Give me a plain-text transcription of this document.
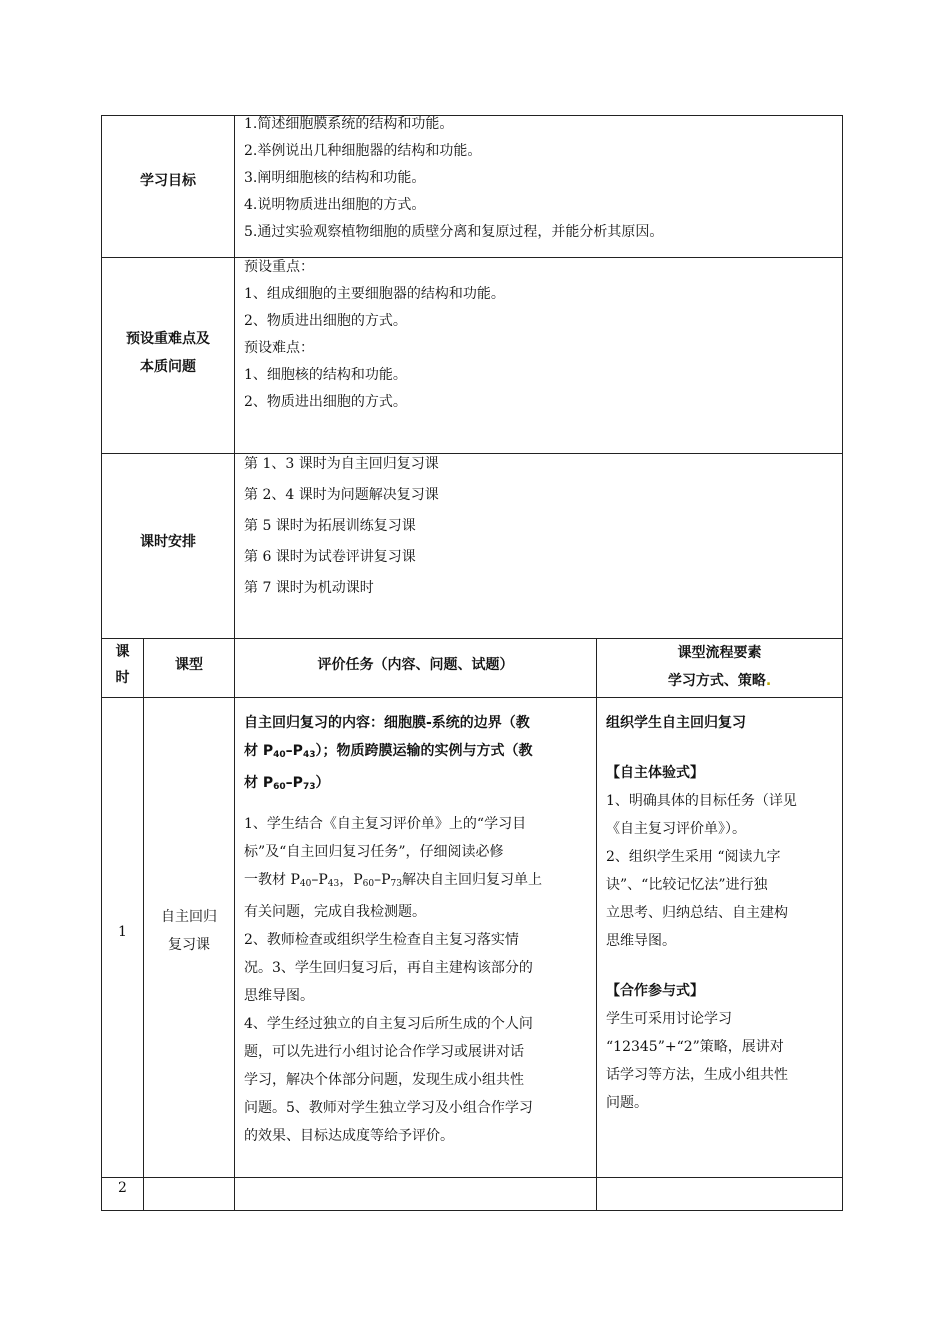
学习目标
1.简述细胞膜系统的结构和功能。
2.举例说出几种细胞器的结构和功能。
3.阐明细胞核的结构和功能。
4.说明物质进出细胞的方式。
5.通过实验观察植物细胞的质壁分离和复原过程，并能分析其原因。
预设重难点及
本质问题
预设重点：
1、组成细胞的主要细胞器的结构和功能。
2、物质进出细胞的方式。
预设难点：
1、细胞核的结构和功能。
2、物质进出细胞的方式。
课时安排
第 1、3 课时为自主回归复习课
第 2、4 课时为问题解决复习课
第 5 课时为拓展训练复习课
第 6 课时为试卷评讲复习课
第 7 课时为机动课时
课
时
课型	评价任务（内容、问题、试题）
课型流程要素
学习方式、策略.
1
自主回归
复习课
自主回归复习的内容：细胞膜-系统的边界（教
材 $P_{40}-P_{43}$）；物质跨膜运输的实例与方式（教
材 $P_{60}-P_{73}$）
1、学生结合《自主复习评价单》上的“学习目
标”及“自主回归复习任务”，仔细阅读必修
一教材 $P_{40}-P_{43}$，$P_{60}-P_{73}$解决自主回归复习单上
有关问题，完成自我检测题。
2、教师检查或组织学生检查自主复习落实情
况。3、学生回归复习后，再自主建构该部分的
思维导图。
4、学生经过独立的自主复习后所生成的个人问
题，可以先进行小组讨论合作学习或展讲对话
学习，解决个体部分问题，发现生成小组共性
问题。5、教师对学生独立学习及小组合作学习
的效果、目标达成度等给予评价。
组织学生自主回归复习
【自主体验式】
1、明确具体的目标任务（详见
《自主复习评价单》）。
2、组织学生采用 “阅读九字
诀”、“比较记忆法”进行独
立思考、归纳总结、自主建构
思维导图。
【合作参与式】
学生可采用讨论学习
“12345”+“2”策略，展讲对
话学习等方法，生成小组共性
问题。
2
